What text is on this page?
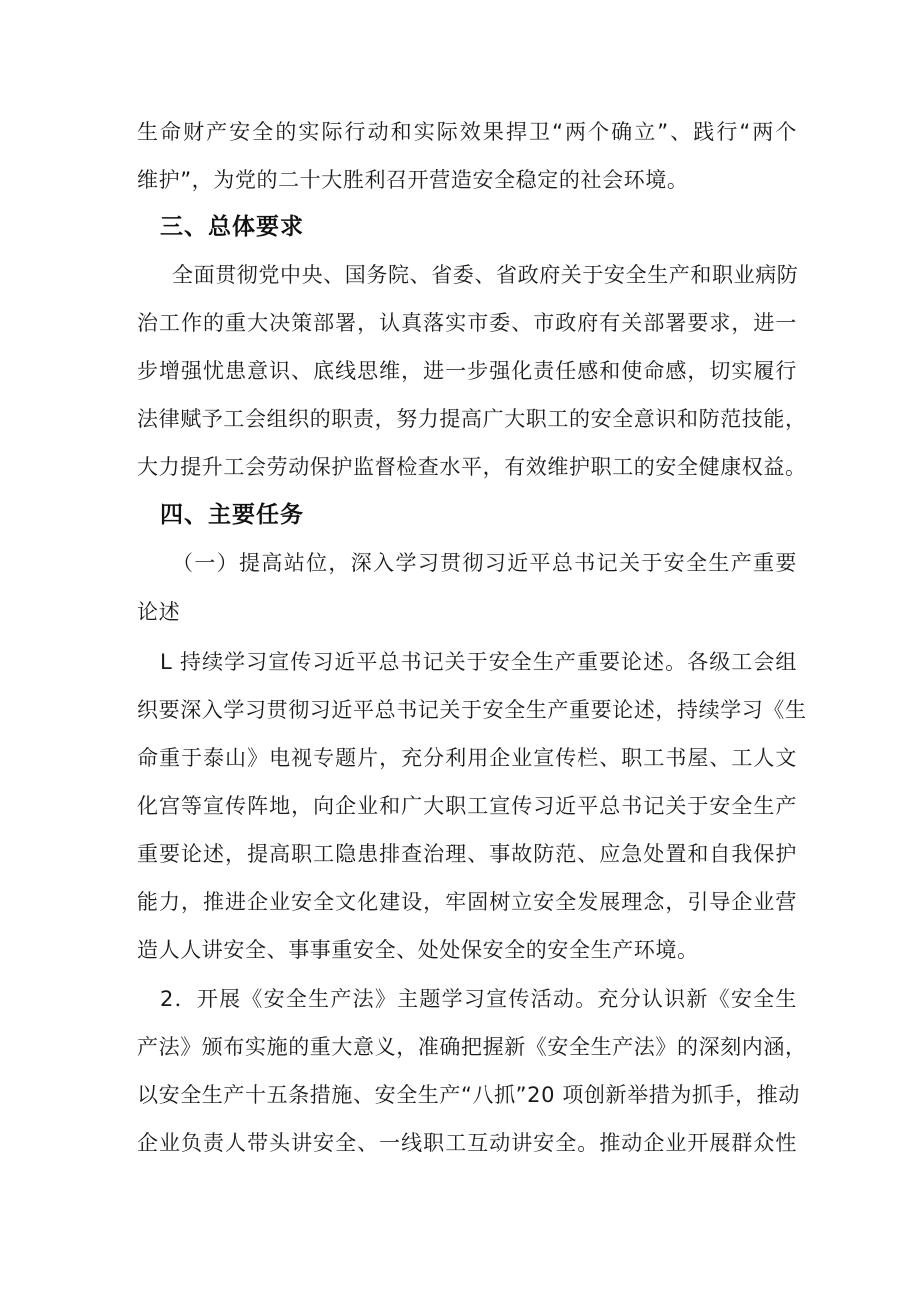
生命财产安全的实际行动和实际效果捍卫“两个确立”、践行“两个
维护”，为党的二十大胜利召开营造安全稳定的社会环境。
三、总体要求
全面贯彻党中央、国务院、省委、省政府关于安全生产和职业病防
治工作的重大决策部署，认真落实市委、市政府有关部署要求，进一
步增强忧患意识、底线思维，进一步强化责任感和使命感，切实履行
法律赋予工会组织的职责，努力提高广大职工的安全意识和防范技能，
大力提升工会劳动保护监督检查水平，有效维护职工的安全健康权益。
四、主要任务
（一）提高站位，深入学习贯彻习近平总书记关于安全生产重要
论述
L 持续学习宣传习近平总书记关于安全生产重要论述。各级工会组
织要深入学习贯彻习近平总书记关于安全生产重要论述，持续学习《生
命重于泰山》电视专题片，充分利用企业宣传栏、职工书屋、工人文
化宫等宣传阵地，向企业和广大职工宣传习近平总书记关于安全生产
重要论述，提高职工隐患排查治理、事故防范、应急处置和自我保护
能力，推进企业安全文化建设，牢固树立安全发展理念，引导企业营
造人人讲安全、事事重安全、处处保安全的安全生产环境。
2．开展《安全生产法》主题学习宣传活动。充分认识新《安全生
产法》颁布实施的重大意义，准确把握新《安全生产法》的深刻内涵，
以安全生产十五条措施、安全生产“八抓”20 项创新举措为抓手，推动
企业负责人带头讲安全、一线职工互动讲安全。推动企业开展群众性
